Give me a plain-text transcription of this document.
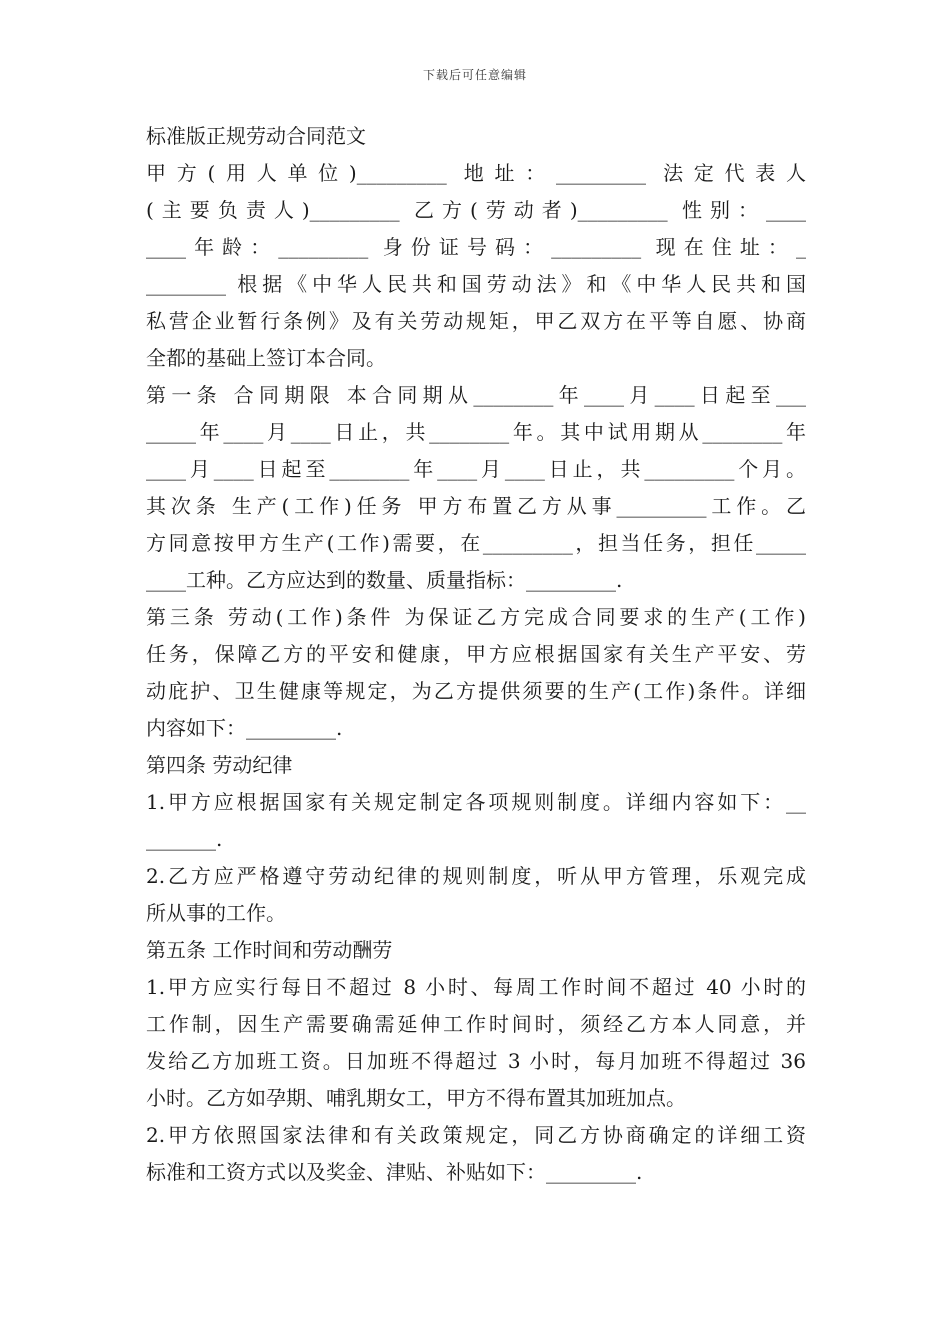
下载后可任意编辑
标准版正规劳动合同范文
甲方(用人单位)_________ 地址：_________ 法定代表人
(主要负责人)_________ 乙方(劳动者)_________ 性别：____
____年龄：_________ 身份证号码：_________ 现在住址：_
________ 根据《中华人民共和国劳动法》和《中华人民共和国
私营企业暂行条例》及有关劳动规矩，甲乙双方在平等自愿、协商
全都的基础上签订本合同。
第一条 合同期限 本合同期从________年____月____日起至___
_____年____月____日止，共________年。其中试用期从________年
____月____日起至________年____月____日止，共_________个月。
其次条 生产(工作)任务 甲方布置乙方从事_________工作。乙
方同意按甲方生产(工作)需要，在_________，担当任务，担任_____
____工种。乙方应达到的数量、质量指标：_________.
第三条 劳动(工作)条件 为保证乙方完成合同要求的生产(工作)
任务，保障乙方的平安和健康，甲方应根据国家有关生产平安、劳
动庇护、卫生健康等规定，为乙方提供须要的生产(工作)条件。详细
内容如下：_________.
第四条 劳动纪律
1.甲方应根据国家有关规定制定各项规则制度。详细内容如下：__
_______.
2.乙方应严格遵守劳动纪律的规则制度，听从甲方管理，乐观完成
所从事的工作。
第五条 工作时间和劳动酬劳
1.甲方应实行每日不超过 8 小时、每周工作时间不超过 40 小时的
工作制，因生产需要确需延伸工作时间时，须经乙方本人同意，并
发给乙方加班工资。日加班不得超过 3 小时，每月加班不得超过 36
小时。乙方如孕期、哺乳期女工，甲方不得布置其加班加点。
2.甲方依照国家法律和有关政策规定，同乙方协商确定的详细工资
标准和工资方式以及奖金、津贴、补贴如下：_________.
